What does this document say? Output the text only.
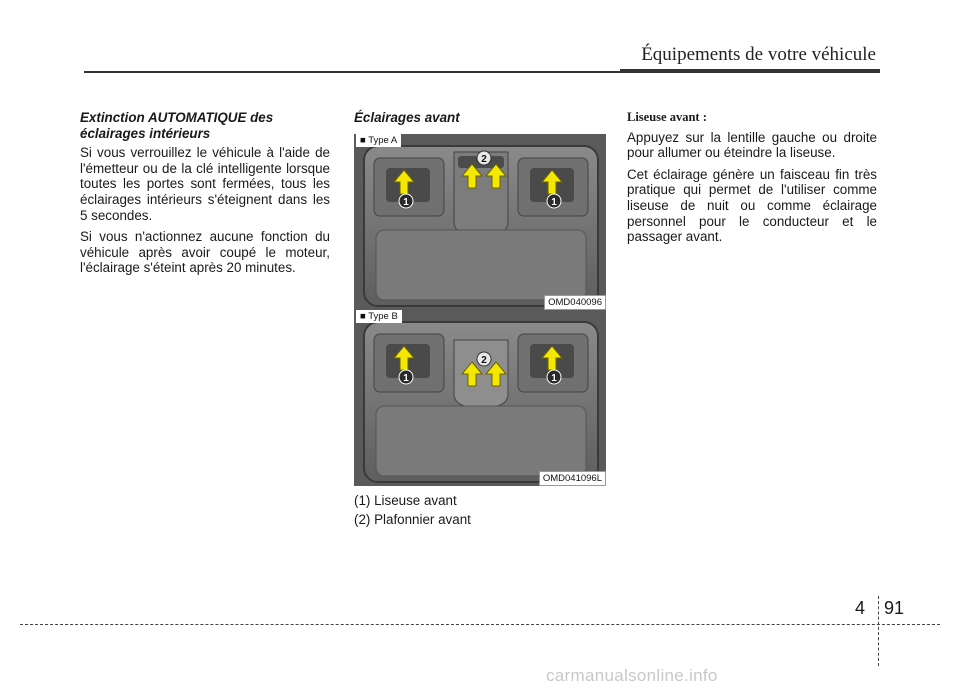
Équipements de votre véhicule
Extinction AUTOMATIQUE des éclairages intérieurs

Si vous verrouillez le véhicule à l'aide de l'émetteur ou de la clé intelligente lorsque toutes les portes sont fermées, tous les éclairages intérieurs s'éteignent dans les 5 secondes.

Si vous n'actionnez aucune fonction du véhicule après avoir coupé le moteur, l'éclairage s'éteint après 20 minutes.

Éclairages avant
1	1
2
■ Type A
OMD040096
1	1
2
■ Type B
OMD041096L
(1) Liseuse avant
(2) Plafonnier avant
Liseuse avant :

Appuyez sur la lentille gauche ou droite pour allumer ou éteindre la liseuse.

Cet éclairage génère un faisceau fin très pratique qui permet de l'utiliser comme liseuse de nuit ou comme éclairage personnel pour le conducteur et le passager avant.

4 91
carmanualsonline.info
